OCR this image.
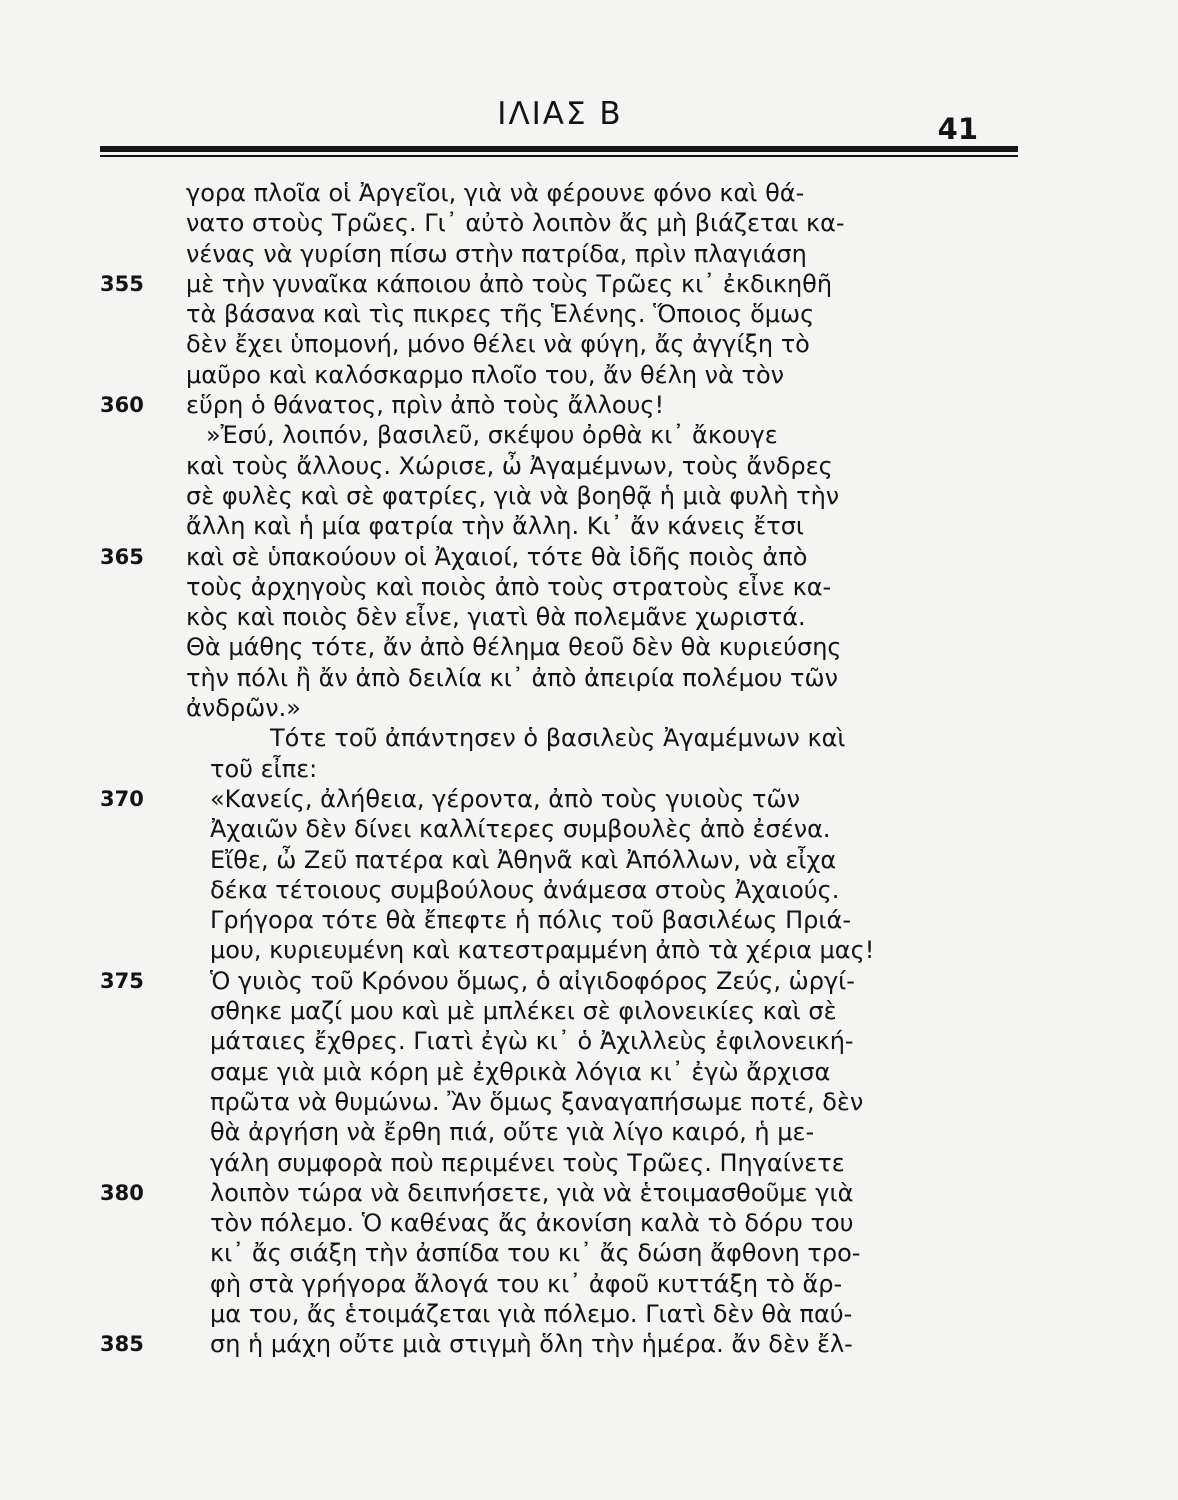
ΙΛΙΑΣ Β	41
γορα πλοῖα οἱ Ἀργεῖοι, γιὰ νὰ φέρουνε φόνο καὶ θά-
νατο στοὺς Τρῶες. Γι᾿ αὐτὸ λοιπὸν ἄς μὴ βιάζεται κα-
νένας νὰ γυρίση πίσω στὴν πατρίδα, πρὶν πλαγιάση
355 μὲ τὴν γυναῖκα κάποιου ἀπὸ τοὺς Τρῶες κι᾿ ἐκδικηθῆ
τὰ βάσανα καὶ τὶς πικρες τῆς Ἑλένης. Ὅποιος ὅμως
δὲν ἔχει ὑπομονή, μόνο θέλει νὰ φύγη, ἄς ἀγγίξη τὸ
μαῦρο καὶ καλόσκαρμο πλοῖο του, ἄν θέλη νὰ τὸν
360 εὕρη ὁ θάνατος, πρὶν ἀπὸ τοὺς ἄλλους!
»Ἐσύ, λοιπόν, βασιλεῦ, σκέψου ὀρθὰ κι᾿ ἄκουγε
καὶ τοὺς ἄλλους. Χώρισε, ὦ Ἀγαμέμνων, τοὺς ἄνδρες
σὲ φυλὲς καὶ σὲ φατρίες, γιὰ νὰ βοηθᾷ ἡ μιὰ φυλὴ τὴν
ἄλλη καὶ ἡ μία φατρία τὴν ἄλλη. Κι᾿ ἄν κάνεις ἔτσι
365 καὶ σὲ ὑπακούουν οἱ Ἀχαιοί, τότε θὰ ἰδῆς ποιὸς ἀπὸ
τοὺς ἀρχηγοὺς καὶ ποιὸς ἀπὸ τοὺς στρατοὺς εἶνε κα-
κὸς καὶ ποιὸς δὲν εἶνε, γιατὶ θὰ πολεμᾶνε χωριστά.
Θὰ μάθης τότε, ἄν ἀπὸ θέλημα θεοῦ δὲν θὰ κυριεύσης
τὴν πόλι ἢ ἄν ἀπὸ δειλία κι᾿ ἀπὸ ἀπειρία πολέμου τῶν
ἀνδρῶν.»
Τότε τοῦ ἀπάντησεν ὁ βασιλεὺς Ἀγαμέμνων καὶ
τοῦ εἶπε:
370	«Κανείς, ἀλήθεια, γέροντα, ἀπὸ τοὺς γυιοὺς τῶν
Ἀχαιῶν δὲν δίνει καλλίτερες συμβουλὲς ἀπὸ ἐσένα.
Εἴθε, ὦ Ζεῦ πατέρα καὶ Ἀθηνᾶ καὶ Ἀπόλλων, νὰ εἶχα
δέκα τέτοιους συμβούλους ἀνάμεσα στοὺς Ἀχαιούς.
Γρήγορα τότε θὰ ἔπεφτε ἡ πόλις τοῦ βασιλέως Πριά-
μου, κυριευμένη καὶ κατεστραμμένη ἀπὸ τὰ χέρια μας!
375	Ὁ γυιὸς τοῦ Κρόνου ὅμως, ὁ αἰγιδοφόρος Ζεύς, ὡργί-
σθηκε μαζί μου καὶ μὲ μπλέκει σὲ φιλονεικίες καὶ σὲ
μάταιες ἔχθρες. Γιατὶ ἐγὼ κι᾿ ὁ Ἀχιλλεὺς ἐφιλονεική-
σαμε γιὰ μιὰ κόρη μὲ ἐχθρικὰ λόγια κι᾿ ἐγὼ ἄρχισα
πρῶτα νὰ θυμώνω. Ἂν ὅμως ξαναγαπήσωμε ποτέ, δὲν
θὰ ἀργήση νὰ ἔρθη πιά, οὔτε γιὰ λίγο καιρό, ἡ με-
γάλη συμφορὰ ποὺ περιμένει τοὺς Τρῶες. Πηγαίνετε
380	λοιπὸν τώρα νὰ δειπνήσετε, γιὰ νὰ ἑτοιμασθοῦμε γιὰ
τὸν πόλεμο. Ὁ καθένας ἄς ἀκονίση καλὰ τὸ δόρυ του
κι᾿ ἄς σιάξη τὴν ἀσπίδα του κι᾿ ἄς δώση ἄφθονη τρο-
φὴ στὰ γρήγορα ἄλογά του κι᾿ ἀφοῦ κυττάξη τὸ ἅρ-
μα του, ἄς ἑτοιμάζεται γιὰ πόλεμο. Γιατὶ δὲν θὰ παύ-
385	ση ἡ μάχη οὔτε μιὰ στιγμὴ ὅλη τὴν ἡμέρα. ἄν δὲν ἔλ-
